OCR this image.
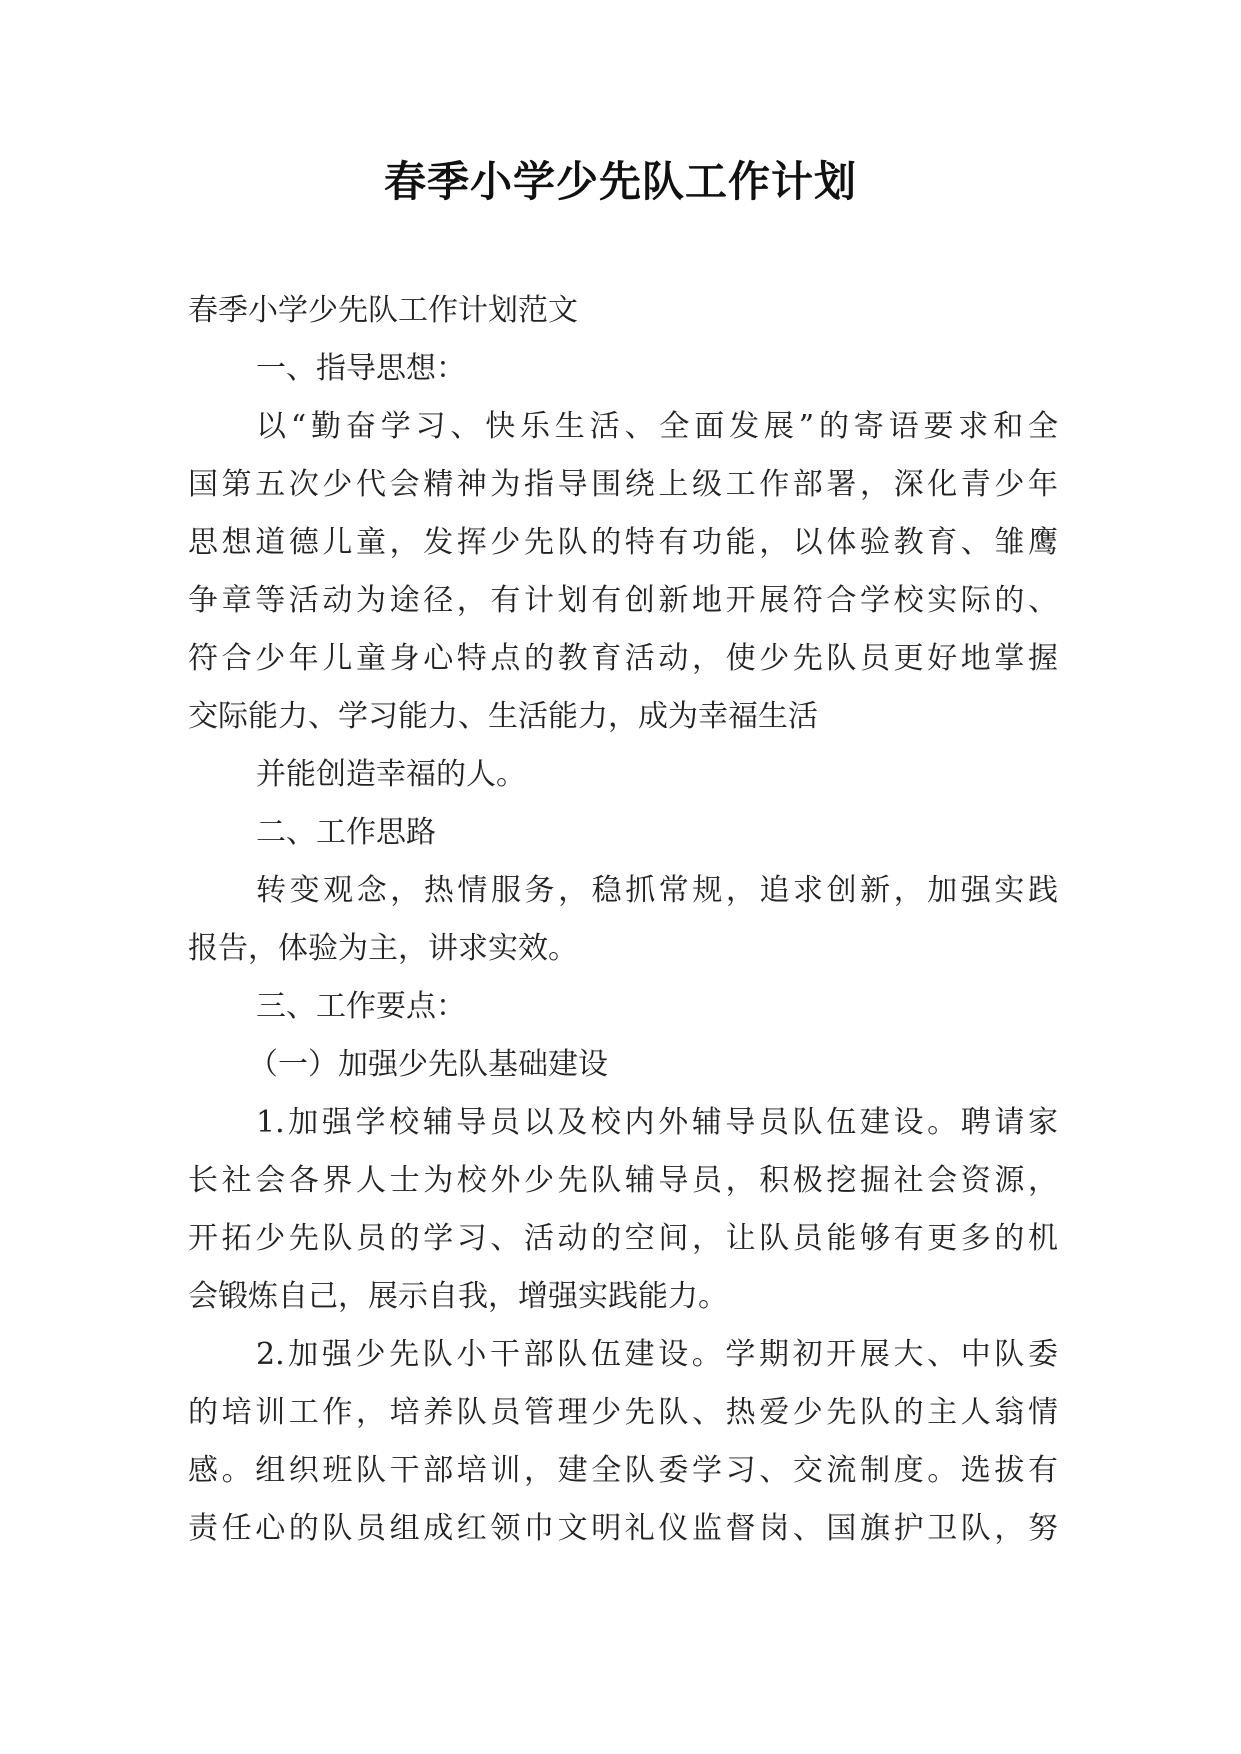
春季小学少先队工作计划
春季小学少先队工作计划范文
一、指导思想：
以“勤奋学习、快乐生活、全面发展”的寄语要求和全
国第五次少代会精神为指导围绕上级工作部署，深化青少年
思想道德儿童，发挥少先队的特有功能，以体验教育、雏鹰
争章等活动为途径，有计划有创新地开展符合学校实际的、
符合少年儿童身心特点的教育活动，使少先队员更好地掌握
交际能力、学习能力、生活能力，成为幸福生活
并能创造幸福的人。
二、工作思路
转变观念，热情服务，稳抓常规，追求创新，加强实践
报告，体验为主，讲求实效。
三、工作要点：
（一）加强少先队基础建设
1.加强学校辅导员以及校内外辅导员队伍建设。聘请家
长社会各界人士为校外少先队辅导员，积极挖掘社会资源，
开拓少先队员的学习、活动的空间，让队员能够有更多的机
会锻炼自己，展示自我，增强实践能力。
2.加强少先队小干部队伍建设。学期初开展大、中队委
的培训工作，培养队员管理少先队、热爱少先队的主人翁情
感。组织班队干部培训，建全队委学习、交流制度。选拔有
责任心的队员组成红领巾文明礼仪监督岗、国旗护卫队，努
